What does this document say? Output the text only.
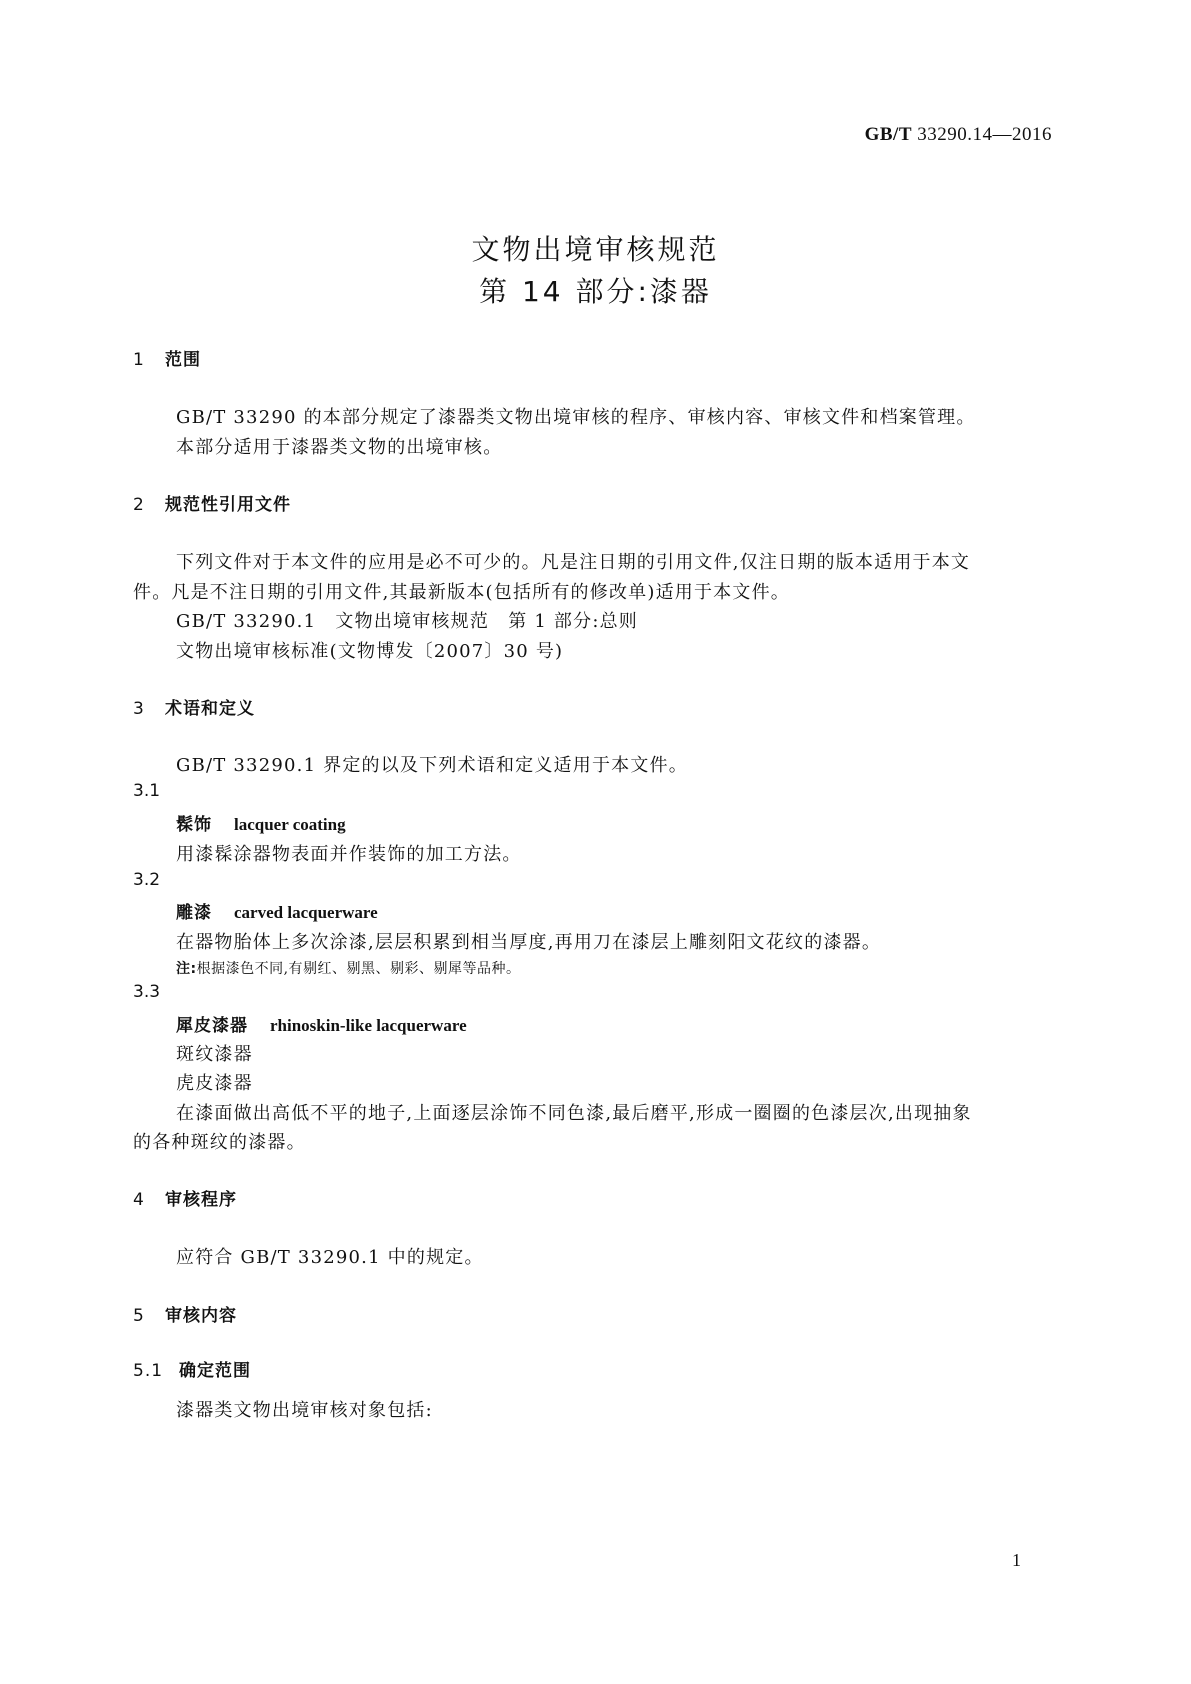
GB/T 33290.14—2016
文物出境审核规范
第 14 部分:漆器
1 范围
GB/T 33290 的本部分规定了漆器类文物出境审核的程序、审核内容、审核文件和档案管理。
本部分适用于漆器类文物的出境审核。
2 规范性引用文件
下列文件对于本文件的应用是必不可少的。凡是注日期的引用文件,仅注日期的版本适用于本文
件。凡是不注日期的引用文件,其最新版本(包括所有的修改单)适用于本文件。
GB/T 33290.1　文物出境审核规范　第 1 部分:总则
文物出境审核标准(文物博发〔2007〕30 号)
3 术语和定义
GB/T 33290.1 界定的以及下列术语和定义适用于本文件。
3.1
髹饰 lacquer coating
用漆髹涂器物表面并作装饰的加工方法。
3.2
雕漆 carved lacquerware
在器物胎体上多次涂漆,层层积累到相当厚度,再用刀在漆层上雕刻阳文花纹的漆器。
注:根据漆色不同,有剔红、剔黑、剔彩、剔犀等品种。
3.3
犀皮漆器 rhinoskin-like lacquerware
斑纹漆器
虎皮漆器
在漆面做出高低不平的地子,上面逐层涂饰不同色漆,最后磨平,形成一圈圈的色漆层次,出现抽象
的各种斑纹的漆器。
4 审核程序
应符合 GB/T 33290.1 中的规定。
5 审核内容
5.1 确定范围
漆器类文物出境审核对象包括:
1
